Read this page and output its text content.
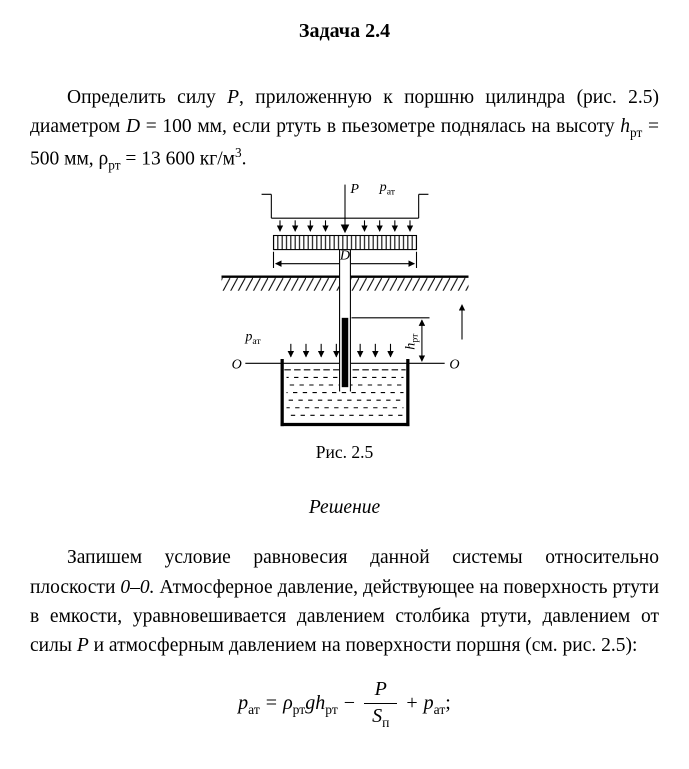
Задача 2.4
Определить силу P, приложенную к поршню цилиндра (рис. 2.5) диаметром D = 100 мм, если ртуть в пьезометре поднялась на высоту $h_{рт} = 500$ мм, $\rho_{рт} = 13$ 600 $кг/м^3$.
P $p_{ат}$
D
$p_{ат}$
O	O
$h_{рт}$
Рис. 2.5
Решение
Запишем условие равновесия данной системы относительно плоскости 0–0. Атмосферное давление, действующее на поверхность ртути в емкости, уравновешивается давлением столбика ртути, давлением от силы P и атмосферным давлением на поверхности поршня (см. рис. 2.5):
$p_{ат} = \rho_{рт}gh_{рт} - \frac{P}{S_п} + p_{ат}$;
